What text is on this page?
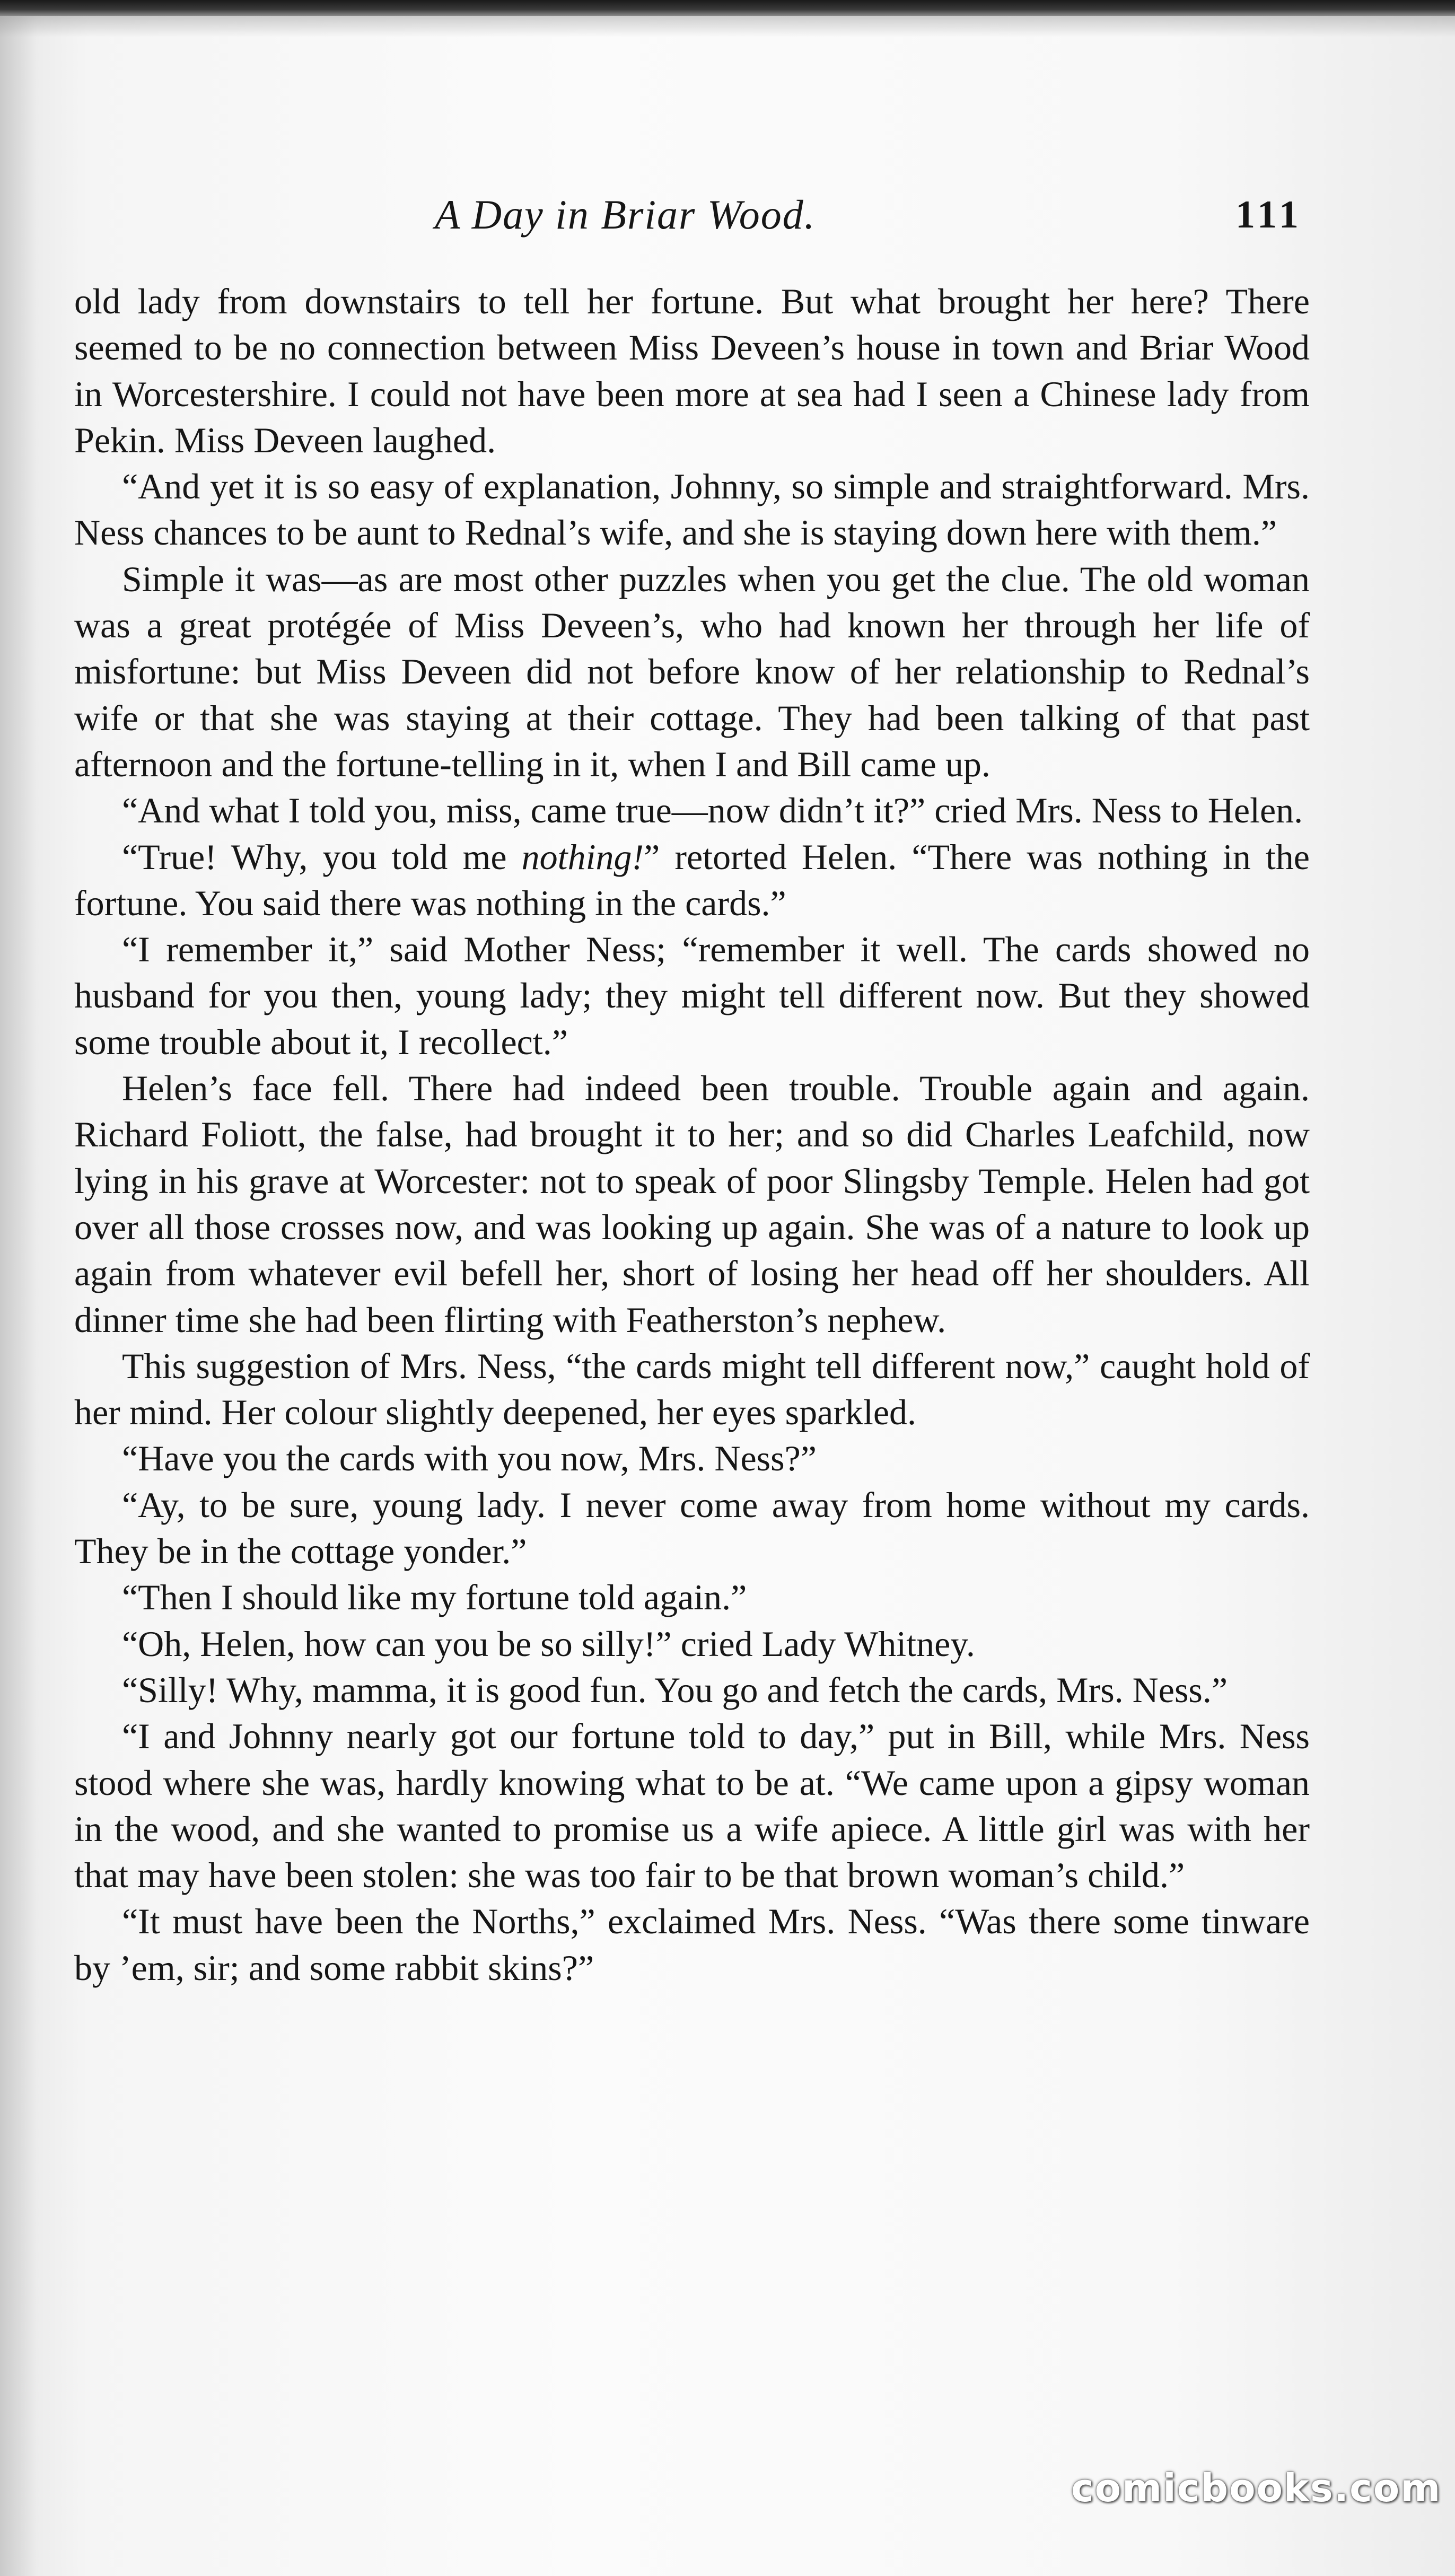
A Day in Briar Wood.	111

old lady from downstairs to tell her fortune. But what brought her here? There seemed to be no connection between Miss Deveen’s house in town and Briar Wood in Worcestershire. I could not have been more at sea had I seen a Chinese lady from Pekin. Miss Deveen laughed.

“And yet it is so easy of explanation, Johnny, so simple and straightforward. Mrs. Ness chances to be aunt to Rednal’s wife, and she is staying down here with them.”

Simple it was—as are most other puzzles when you get the clue. The old woman was a great protégée of Miss Deveen’s, who had known her through her life of misfortune: but Miss Deveen did not before know of her relationship to Rednal’s wife or that she was staying at their cottage. They had been talking of that past afternoon and the fortune-telling in it, when I and Bill came up.

“And what I told you, miss, came true—now didn’t it?” cried Mrs. Ness to Helen.

“True! Why, you told me nothing!” retorted Helen. “There was nothing in the fortune. You said there was nothing in the cards.”

“I remember it,” said Mother Ness; “remember it well. The cards showed no husband for you then, young lady; they might tell different now. But they showed some trouble about it, I recollect.”

Helen’s face fell. There had indeed been trouble. Trouble again and again. Richard Foliott, the false, had brought it to her; and so did Charles Leafchild, now lying in his grave at Worcester: not to speak of poor Slingsby Temple. Helen had got over all those crosses now, and was looking up again. She was of a nature to look up again from whatever evil befell her, short of losing her head off her shoulders. All dinner time she had been flirting with Featherston’s nephew.

This suggestion of Mrs. Ness, “the cards might tell different now,” caught hold of her mind. Her colour slightly deepened, her eyes sparkled.

“Have you the cards with you now, Mrs. Ness?”

“Ay, to be sure, young lady. I never come away from home without my cards. They be in the cottage yonder.”

“Then I should like my fortune told again.”

“Oh, Helen, how can you be so silly!” cried Lady Whitney.

“Silly! Why, mamma, it is good fun. You go and fetch the cards, Mrs. Ness.”

“I and Johnny nearly got our fortune told to day,” put in Bill, while Mrs. Ness stood where she was, hardly knowing what to be at. “We came upon a gipsy woman in the wood, and she wanted to promise us a wife apiece. A little girl was with her that may have been stolen: she was too fair to be that brown woman’s child.”

“It must have been the Norths,” exclaimed Mrs. Ness. “Was there some tinware by ’em, sir; and some rabbit skins?”

comicbooks.com
